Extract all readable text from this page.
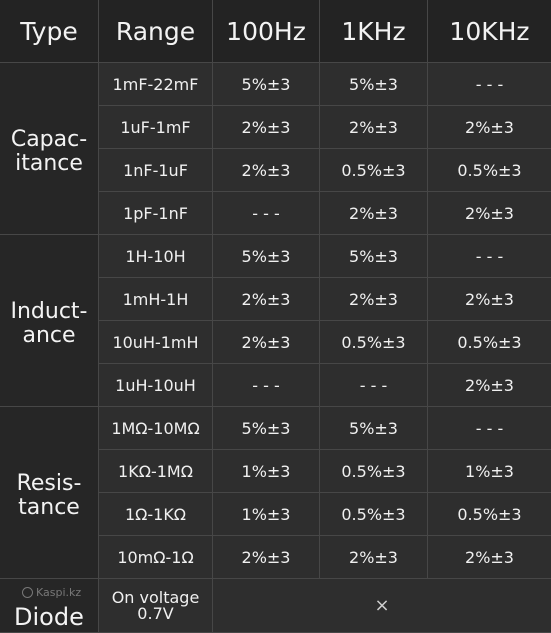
Type	Range	100Hz	1KHz	10KHz
Capac-
itance
1mF-22mF	5%±3	5%±3	- - -
1uF-1mF	2%±3	2%±3	2%±3
1nF-1uF	2%±3	0.5%±3	0.5%±3
1pF-1nF	- - -	2%±3	2%±3
Induct-
ance
1H-10H	5%±3	5%±3	- - -
1mH-1H	2%±3	2%±3	2%±3
10uH-1mH	2%±3	0.5%±3	0.5%±3
1uH-10uH	- - -	- - -	2%±3
Resis-
tance
1MΩ-10MΩ	5%±3	5%±3	- - -
1KΩ-1MΩ	1%±3	0.5%±3	1%±3
1Ω-1KΩ	1%±3	0.5%±3	0.5%±3
10mΩ-1Ω	2%±3	2%±3	2%±3
Diode
On voltage
0.7V	×
Kaspi.kz
